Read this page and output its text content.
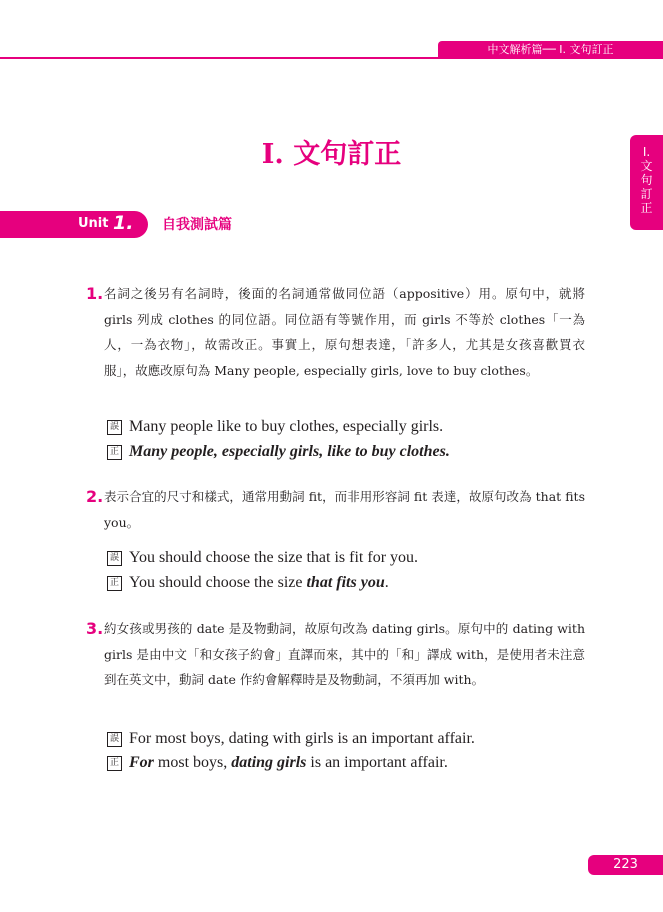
中文解析篇── I. 文句訂正
I. 文句訂正	I.
文
句
訂
正
Unit 1. 自我測試篇
1. 名詞之後另有名詞時，後面的名詞通常做同位語（appositive）用。原句中，就將 girls 列成 clothes 的同位語。同位語有等號作用，而 girls 不等於 clothes「一為人，一為衣物」，故需改正。事實上，原句想表達，「許多人，尤其是女孩喜歡買衣服」，故應改原句為 Many people, especially girls, love to buy clothes。
誤 Many people like to buy clothes, especially girls.
正 Many people, especially girls, like to buy clothes.
2. 表示合宜的尺寸和樣式，通常用動詞 fit，而非用形容詞 fit 表達，故原句改為 that fits you。
誤 You should choose the size that is fit for you.
正 You should choose the size that fits you.
3. 約女孩或男孩的 date 是及物動詞，故原句改為 dating girls。原句中的 dating with girls 是由中文「和女孩子約會」直譯而來，其中的「和」譯成 with，是使用者未注意到在英文中，動詞 date 作約會解釋時是及物動詞，不須再加 with。
誤 For most boys, dating with girls is an important affair.
正 For most boys, dating girls is an important affair.
223
